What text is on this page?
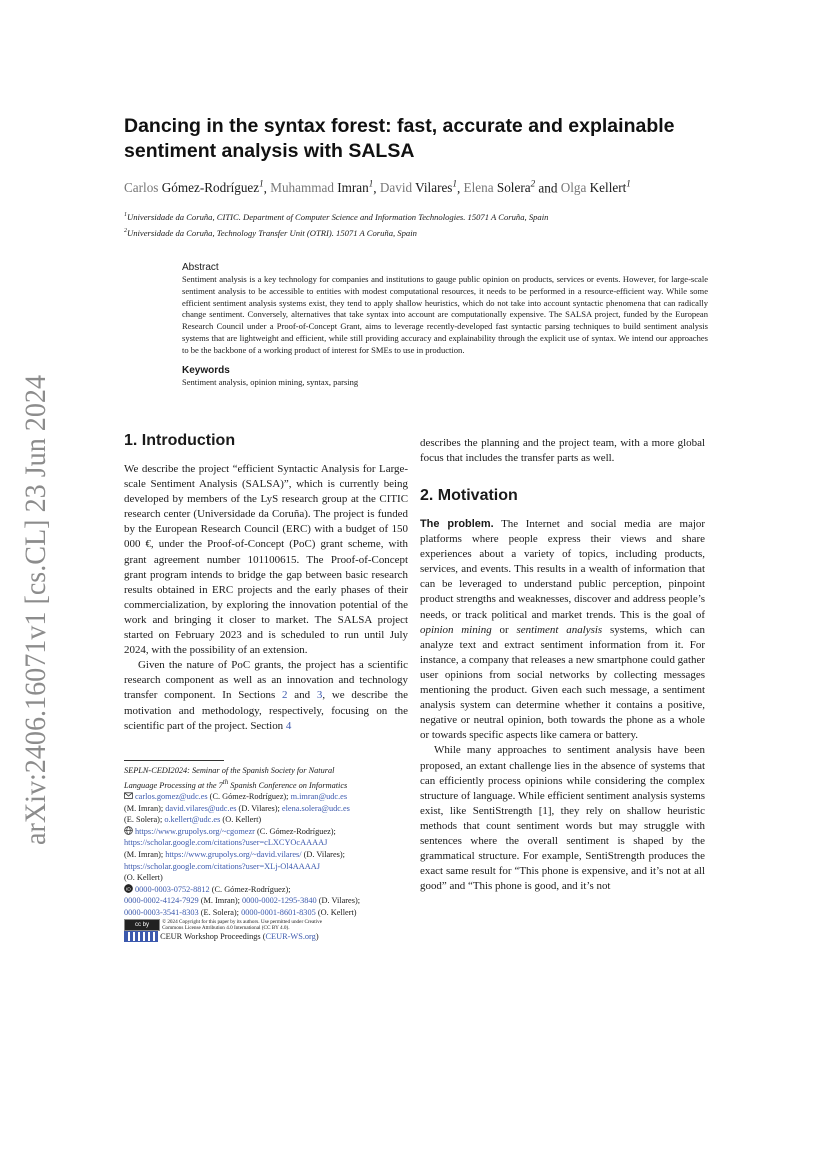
arXiv:2406.16071v1 [cs.CL] 23 Jun 2024
Dancing in the syntax forest: fast, accurate and explainable
sentiment analysis with SALSA
Carlos Gómez-Rodríguez$^1$, Muhammad Imran$^1$, David Vilares$^1$, Elena Solera$^2$ and Olga Kellert$^1$
$^1$Universidade da Coruña, CITIC. Department of Computer Science and Information Technologies. 15071 A Coruña, Spain
$^2$Universidade da Coruña, Technology Transfer Unit (OTRI). 15071 A Coruña, Spain
Abstract
Sentiment analysis is a key technology for companies and institutions to gauge public opinion on products, services or events. However, for large-scale sentiment analysis to be accessible to entities with modest computational resources, it needs to be performed in a resource-efficient way. While some efficient sentiment analysis systems exist, they tend to apply shallow heuristics, which do not take into account syntactic phenomena that can radically change sentiment. Conversely, alternatives that take syntax into account are computationally expensive. The SALSA project, funded by the European Research Council under a Proof-of-Concept Grant, aims to leverage recently-developed fast syntactic parsing techniques to build sentiment analysis systems that are lightweight and efficient, while still providing accuracy and explainability through the explicit use of syntax. We intend our approaches to be the backbone of a working product of interest for SMEs to use in production.
Keywords
Sentiment analysis, opinion mining, syntax, parsing
1. Introduction

We describe the project “efficient Syntactic Analysis for Large-scale Sentiment Analysis (SALSA)”, which is currently being developed by members of the LyS research group at the CITIC research center (Universidade da Coruña). The project is funded by the European Research Council (ERC) with a budget of 150 000 €, under the Proof-of-Concept (PoC) grant scheme, with grant agreement number 101100615. The Proof-of-Concept grant program intends to bridge the gap between basic research results obtained in ERC projects and the early phases of their commercialization, by exploring the innovation potential of the work and bringing it closer to market. The SALSA project started on February 2023 and is scheduled to run until July 2024, with the possibility of an extension.

Given the nature of PoC grants, the project has a scientific research component as well as an innovation and technology transfer component. In Sections 2 and 3, we describe the motivation and methodology, respectively, focusing on the scientific part of the project. Section 4

describes the planning and the project team, with a more global focus that includes the transfer parts as well.
2. Motivation

The problem. The Internet and social media are major platforms where people express their views and share experiences about a variety of topics, including products, services, and events. This results in a wealth of information that can be leveraged to understand public perception, pinpoint product strengths and weaknesses, discover and address people’s needs, or track political and market trends. This is the goal of opinion mining or sentiment analysis systems, which can analyze text and extract sentiment information from it. For instance, a company that releases a new smartphone could gather user opinions from social networks by collecting messages mentioning the product. Given each such message, a sentiment analysis system can determine whether it contains a positive, negative or neutral opinion, both towards the phone as a whole or towards specific aspects like camera or battery.

While many approaches to sentiment analysis have been proposed, an extant challenge lies in the absence of systems that can efficiently process opinions while considering the complex structure of language. While efficient sentiment analysis systems exist, like SentiStrength [1], they rely on shallow heuristic methods that count sentiment words but may struggle with sentences where the overall sentiment is shaped by the grammatical structure. For example, SentiStrength produces the exact same result for “This phone is expensive, and it’s not at all good” and “This phone is good, and it’s not

SEPLN-CEDI2024: Seminar of the Spanish Society for Natural
Language Processing at the 7th Spanish Conference on Informatics
carlos.gomez@udc.es (C. Gómez-Rodríguez); m.imran@udc.es
(M. Imran); david.vilares@udc.es (D. Vilares); elena.solera@udc.es
(E. Solera); o.kellert@udc.es (O. Kellert)
https://www.grupolys.org/~cgomezr (C. Gómez-Rodríguez);
https://scholar.google.com/citations?user=cLXCYOcAAAAJ
(M. Imran); https://www.grupolys.org/~david.vilares/ (D. Vilares);
https://scholar.google.com/citations?user=XLj-Ol4AAAAJ
(O. Kellert)
iD 0000-0003-0752-8812 (C. Gómez-Rodríguez);
0000-0002-4124-7929 (M. Imran); 0000-0002-1295-3840 (D. Vilares);
0000-0003-3541-8303 (E. Solera); 0000-0001-8601-8305 (O. Kellert)
cc by	© 2024 Copyright for this paper by its authors. Use permitted under Creative
Commons License Attribution 4.0 International (CC BY 4.0).
CEUR Workshop Proceedings (CEUR-WS.org)
